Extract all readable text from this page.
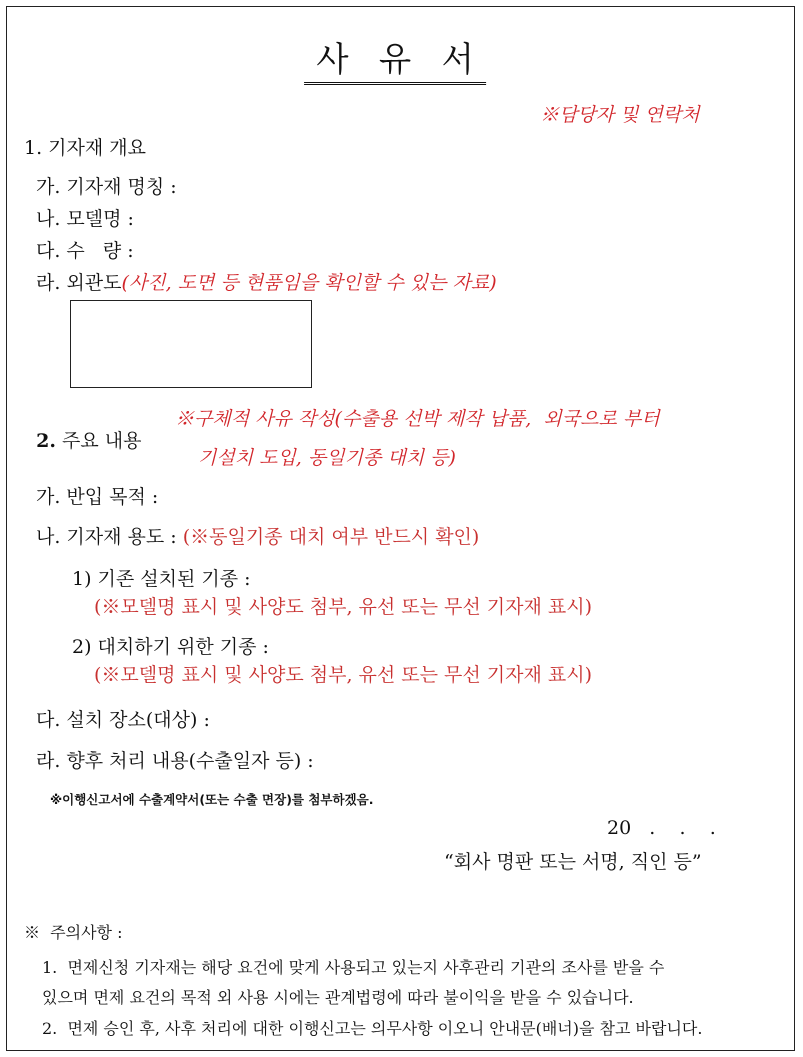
사 유 서
※담당자 및 연락처
1. 기자재 개요
가. 기자재 명칭 :
나. 모델명 :
다. 수   량 :
라. 외관도(사진, 도면 등 현품임을 확인할 수 있는 자료)

2. 주요 내용

※구체적 사유 작성(수출용 선박 제작 납품,  외국으로 부터
기설치 도입, 동일기종 대치 등)
가. 반입 목적 :
나. 기자재 용도 : (※동일기종 대치 여부 반드시 확인)
1) 기존 설치된 기종 :
(※모델명 표시 및 사양도 첨부, 유선 또는 무선 기자재 표시)
2) 대치하기 위한 기종 :
(※모델명 표시 및 사양도 첨부, 유선 또는 무선 기자재 표시)
다. 설치 장소(대상) :
라. 향후 처리 내용(수출일자 등) :
※이행신고서에 수출계약서(또는 수출 면장)를 첨부하겠음.
20   .    .    .
“회사 명판 또는 서명, 직인 등”
※  주의사항 :
1.  면제신청 기자재는 해당 요건에 맞게 사용되고 있는지 사후관리 기관의 조사를 받을 수
있으며 면제 요건의 목적 외 사용 시에는 관계법령에 따라 불이익을 받을 수 있습니다.
2.  면제 승인 후, 사후 처리에 대한 이행신고는 의무사항 이오니 안내문(배너)을 참고 바랍니다.
